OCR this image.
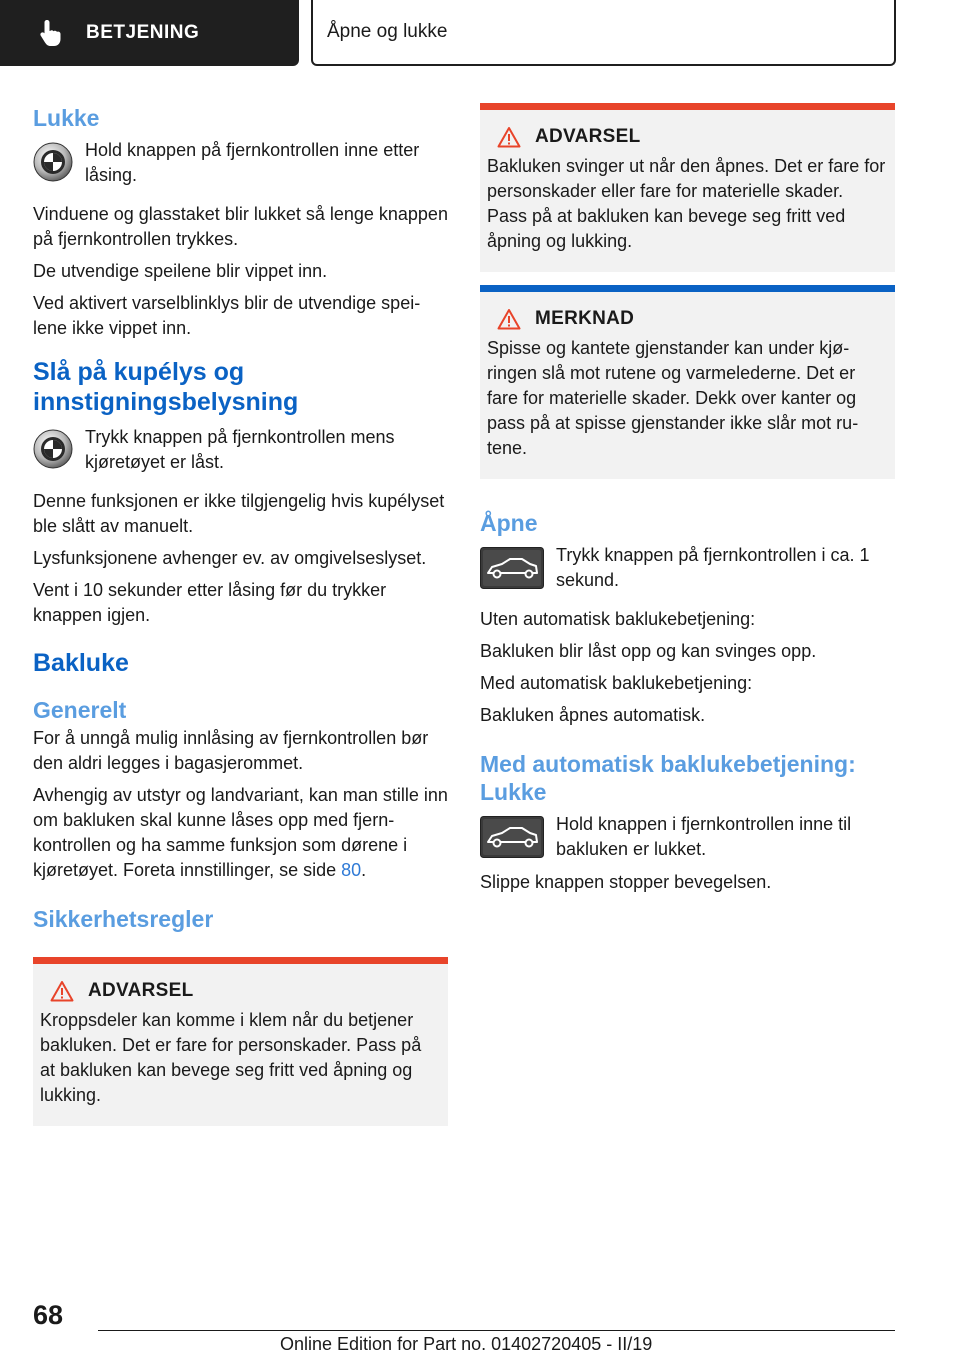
BETJENING	Åpne og lukke
Lukke
Hold knappen på fjernkontrollen inne etter låsing.

Vinduene og glasstaket blir lukket så lenge knappen på fjernkontrollen trykkes.

De utvendige speilene blir vippet inn.

Ved aktivert varselblinklys blir de utvendige speilene ikke vippet inn.

Slå på kupélys og innstigningsbelysning
Trykk knappen på fjernkontrollen mens kjøretøyet er låst.

Denne funksjonen er ikke tilgjengelig hvis kupélyset ble slått av manuelt.

Lysfunksjonene avhenger ev. av omgivelseslyset.

Vent i 10 sekunder etter låsing før du trykker knappen igjen.

Bakluke
Generelt

For å unngå mulig innlåsing av fjernkontrollen bør den aldri legges i bagasjerommet.

Avhengig av utstyr og landvariant, kan man stille inn om bakluken skal kunne låses opp med fjernkontrollen og ha samme funksjon som dørene i kjøretøyet. Foreta innstillinger, se side 80.

Sikkerhetsregler
ADVARSEL

Kroppsdeler kan komme i klem når du betjener bakluken. Det er fare for personskader. Pass på at bakluken kan bevege seg fritt ved åpning og lukking.

ADVARSEL

Bakluken svinger ut når den åpnes. Det er fare for personskader eller fare for materielle skader. Pass på at bakluken kan bevege seg fritt ved åpning og lukking.

MERKNAD

Spisse og kantete gjenstander kan under kjøringen slå mot rutene og varmelederne. Det er fare for materielle skader. Dekk over kanter og pass på at spisse gjenstander ikke slår mot rutene.

Åpne
Trykk knappen på fjernkontrollen i ca. 1 sekund.

Uten automatisk baklukebetjening:

Bakluken blir låst opp og kan svinges opp.

Med automatisk baklukebetjening:

Bakluken åpnes automatisk.

Med automatisk baklukebetjening: Lukke
Hold knappen i fjernkontrollen inne til bakluken er lukket.

Slippe knappen stopper bevegelsen.

68
Online Edition for Part no. 01402720405 - II/19
